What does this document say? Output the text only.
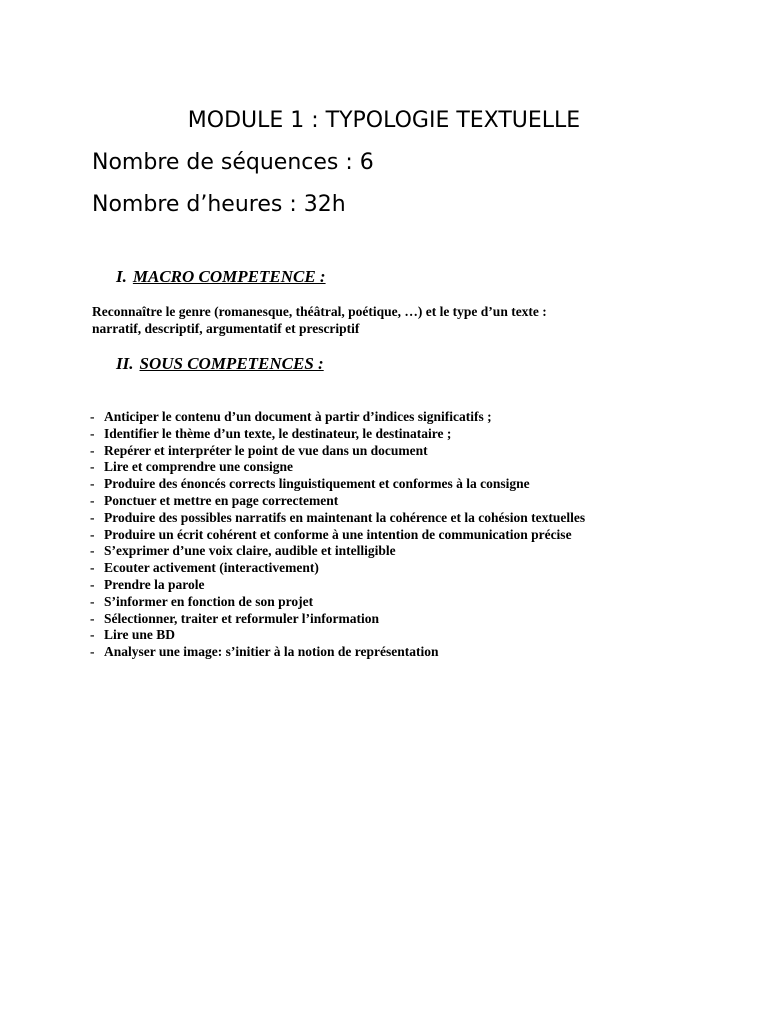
MODULE 1 : TYPOLOGIE TEXTUELLE
Nombre de séquences : 6
Nombre d’heures : 32h
I. MACRO COMPETENCE :
Reconnaître le genre (romanesque, théâtral, poétique, …) et le type d’un texte :
narratif, descriptif, argumentatif et prescriptif
II. SOUS COMPETENCES :
- Anticiper le contenu d’un document à partir d’indices significatifs ;
- Identifier le thème d’un texte, le destinateur, le destinataire ;
- Repérer et interpréter le point de vue dans un document
- Lire et comprendre une consigne
- Produire des énoncés corrects linguistiquement et conformes à la consigne
- Ponctuer et mettre en page correctement
- Produire des possibles narratifs en maintenant la cohérence et la cohésion textuelles
- Produire un écrit cohérent et conforme à une intention de communication précise
- S’exprimer d’une voix claire, audible et intelligible
- Ecouter activement (interactivement)
- Prendre la parole
- S’informer en fonction de son projet
- Sélectionner, traiter et reformuler l’information
- Lire une BD
- Analyser une image: s’initier à la notion de représentation
